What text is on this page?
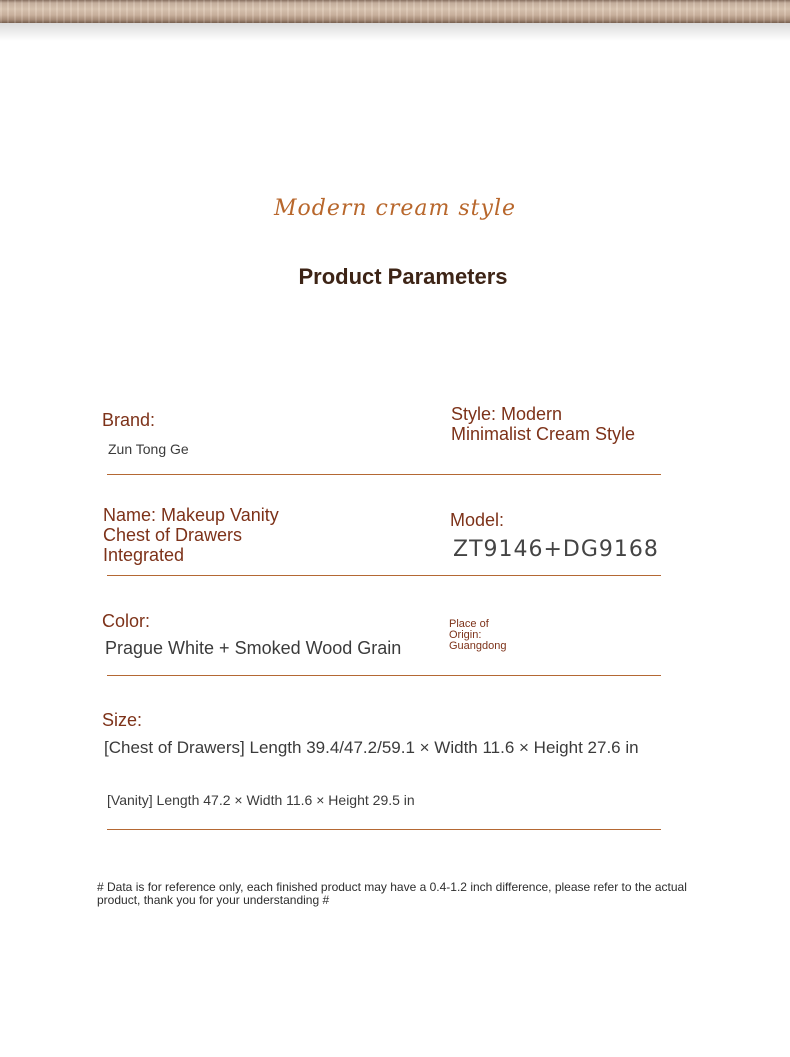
Modern cream style
Product Parameters
Brand:
Zun Tong Ge
Style: Modern Minimalist Cream Style
Name: Makeup Vanity Chest of Drawers Integrated
Model:
ZT9146+DG9168
Color:
Prague White + Smoked Wood Grain
Place of Origin: Guangdong
Size:
[Chest of Drawers] Length 39.4/47.2/59.1 × Width 11.6 × Height 27.6 in
[Vanity] Length 47.2 × Width 11.6 × Height 29.5 in
# Data is for reference only, each finished product may have a 0.4-1.2 inch difference, please refer to the actual product, thank you for your understanding #
